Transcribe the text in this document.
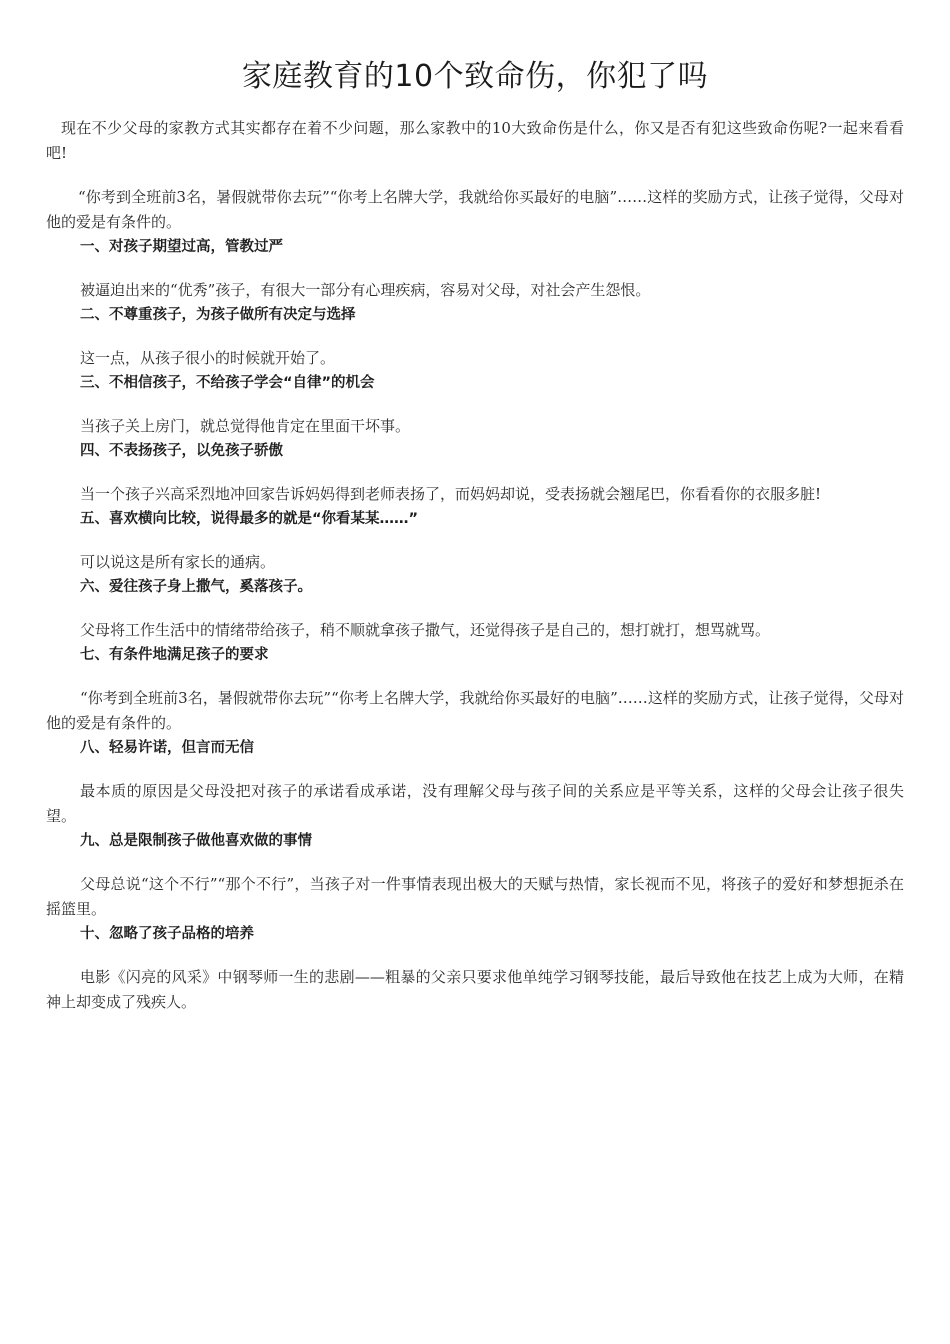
家庭教育的10个致命伤，你犯了吗

现在不少父母的家教方式其实都存在着不少问题，那么家教中的10大致命伤是什么，你又是否有犯这些致命伤呢?一起来看看吧!

“你考到全班前3名，暑假就带你去玩”“你考上名牌大学，我就给你买最好的电脑”……这样的奖励方式，让孩子觉得，父母对他的爱是有条件的。

一、对孩子期望过高，管教过严

被逼迫出来的“优秀”孩子，有很大一部分有心理疾病，容易对父母，对社会产生怨恨。

二、不尊重孩子，为孩子做所有决定与选择

这一点，从孩子很小的时候就开始了。

三、不相信孩子，不给孩子学会“自律”的机会

当孩子关上房门，就总觉得他肯定在里面干坏事。

四、不表扬孩子，以免孩子骄傲

当一个孩子兴高采烈地冲回家告诉妈妈得到老师表扬了，而妈妈却说，受表扬就会翘尾巴，你看看你的衣服多脏!

五、喜欢横向比较，说得最多的就是“你看某某……”

可以说这是所有家长的通病。

六、爱往孩子身上撒气，奚落孩子。

父母将工作生活中的情绪带给孩子，稍不顺就拿孩子撒气，还觉得孩子是自己的，想打就打，想骂就骂。

七、有条件地满足孩子的要求

“你考到全班前3名，暑假就带你去玩”“你考上名牌大学，我就给你买最好的电脑”……这样的奖励方式，让孩子觉得，父母对他的爱是有条件的。

八、轻易许诺，但言而无信

最本质的原因是父母没把对孩子的承诺看成承诺，没有理解父母与孩子间的关系应是平等关系，这样的父母会让孩子很失望。

九、总是限制孩子做他喜欢做的事情

父母总说“这个不行”“那个不行”，当孩子对一件事情表现出极大的天赋与热情，家长视而不见，将孩子的爱好和梦想扼杀在摇篮里。

十、忽略了孩子品格的培养

电影《闪亮的风采》中钢琴师一生的悲剧——粗暴的父亲只要求他单纯学习钢琴技能，最后导致他在技艺上成为大师，在精神上却变成了残疾人。
